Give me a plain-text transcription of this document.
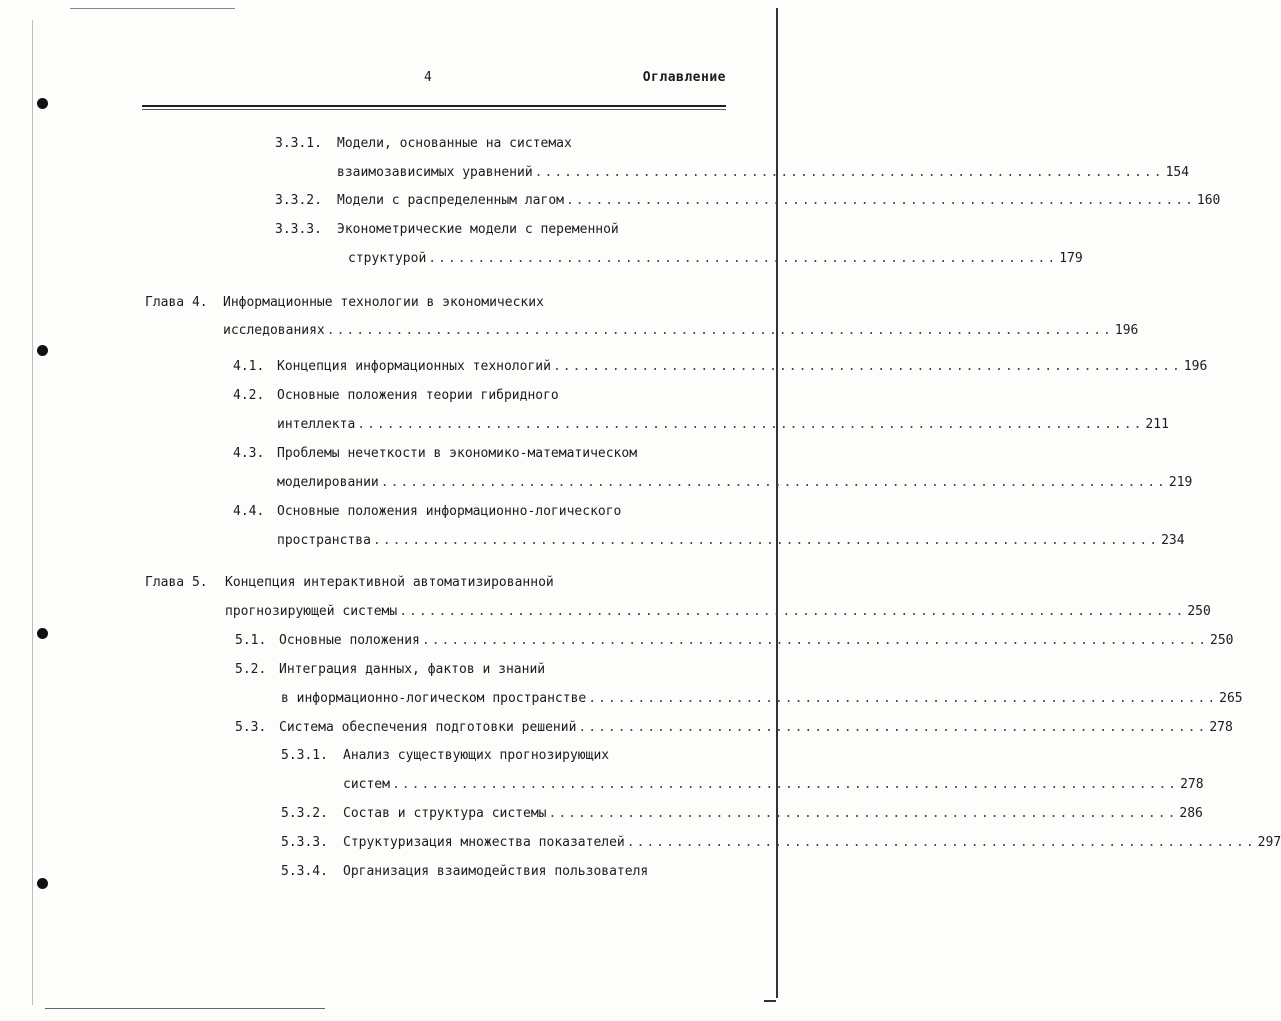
4	Оглавление
3.3.1.	Модели, основанные на системах
взаимозависимых уравнений ................................................................ 154
3.3.2.	Модели с распределенным лагом ................................................................ 160
3.3.3.	Эконометрические модели с переменной
структурой ................................................................ 179
Глава 4.	Информационные технологии в экономических
исследованиях ................................................................................ 196
4.1. Концепция информационных технологий ................................................................ 196
4.2. Основные положения теории гибридного
интеллекта ................................................................................ 211
4.3. Проблемы нечеткости в экономико-математическом
моделировании ................................................................................ 219
4.4. Основные положения информационно-логического
пространства ................................................................................ 234
Глава 5.	Концепция интерактивной автоматизированной
прогнозирующей системы ................................................................................ 250
5.1. Основные положения ................................................................................ 250
5.2. Интеграция данных, фактов и знаний
в информационно-логическом пространстве ................................................................ 265
5.3. Система обеспечения подготовки решений ................................................................ 278
5.3.1.	Анализ существующих прогнозирующих
систем ................................................................................ 278
5.3.2.	Состав и структура системы ................................................................ 286
5.3.3.	Структуризация множества показателей ................................................................ 297
5.3.4.	Организация взаимодействия пользователя
